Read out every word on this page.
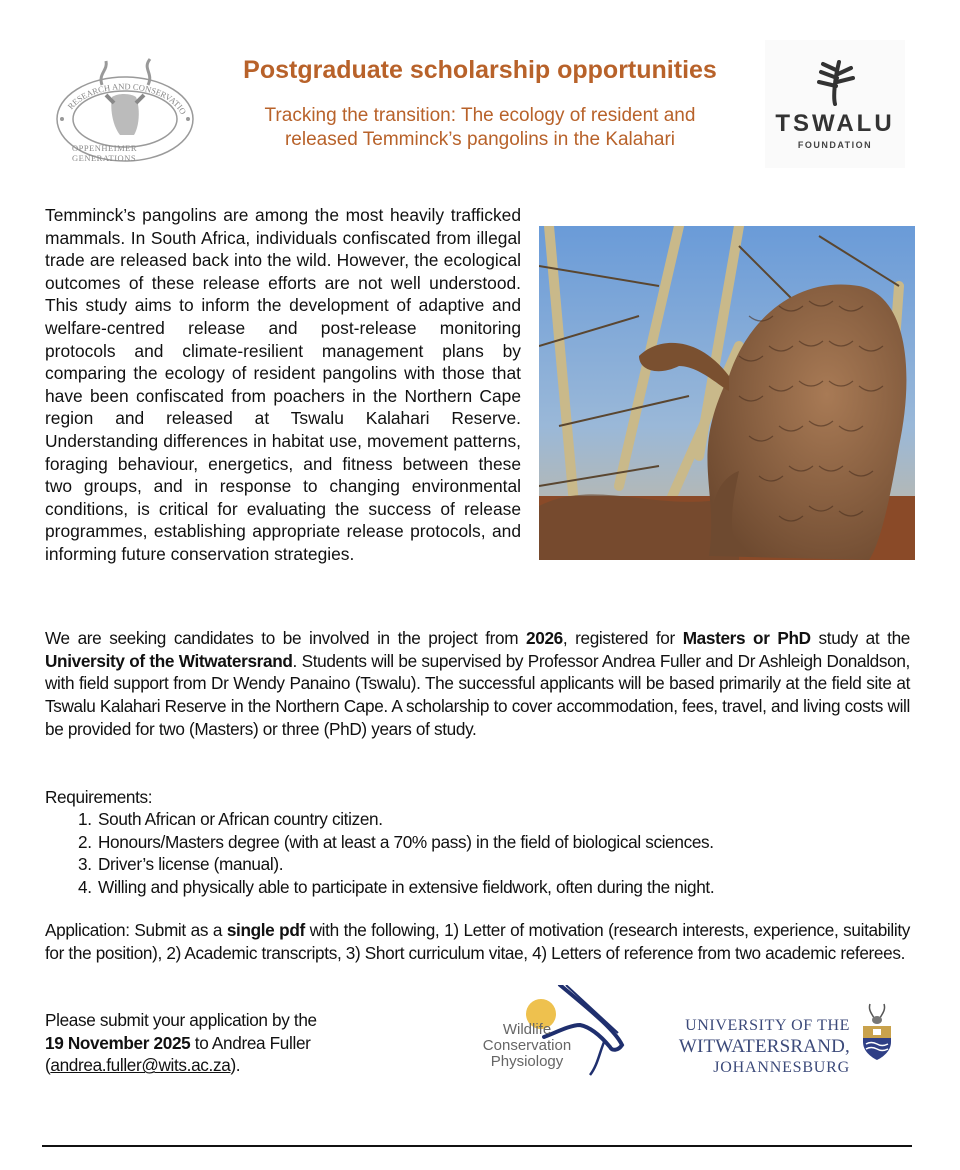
RESEARCH AND CONSERVATIO
OPPENHEIMER GENERATIONS
Postgraduate scholarship opportunities
Tracking the transition: The ecology of resident and
released Temminck’s pangolins in the Kalahari
TSWALU
FOUNDATION
Temminck’s pangolins are among the most heavily trafficked mammals. In South Africa, individuals confiscated from illegal trade are released back into the wild. However, the ecological outcomes of these release efforts are not well understood. This study aims to inform the development of adaptive and welfare-centred release and post-release monitoring protocols and climate-resilient management plans by comparing the ecology of resident pangolins with those that have been confiscated from poachers in the Northern Cape region and released at Tswalu Kalahari Reserve. Understanding differences in habitat use, movement patterns, foraging behaviour, energetics, and fitness between these two groups, and in response to changing environmental conditions, is critical for evaluating the success of release programmes, establishing appropriate release protocols, and informing future conservation strategies.
We are seeking candidates to be involved in the project from 2026, registered for Masters or PhD study at the University of the Witwatersrand. Students will be supervised by Professor Andrea Fuller and Dr Ashleigh Donaldson, with field support from Dr Wendy Panaino (Tswalu). The successful applicants will be based primarily at the field site at Tswalu Kalahari Reserve in the Northern Cape. A scholarship to cover accommodation, fees, travel, and living costs will be provided for two (Masters) or three (PhD) years of study.
Requirements:
1. South African or African country citizen.
2. Honours/Masters degree (with at least a 70% pass) in the field of biological sciences.
3. Driver’s license (manual).
4. Willing and physically able to participate in extensive fieldwork, often during the night.
Application: Submit as a single pdf with the following, 1) Letter of motivation (research interests, experience, suitability for the position), 2) Academic transcripts, 3) Short curriculum vitae, 4) Letters of reference from two academic referees.
Please submit your application by the
19 November 2025 to Andrea Fuller
(andrea.fuller@wits.ac.za).
Wildlife
Conservation
Physiology
UNIVERSITY OF THE
WITWATERSRAND,
JOHANNESBURG
